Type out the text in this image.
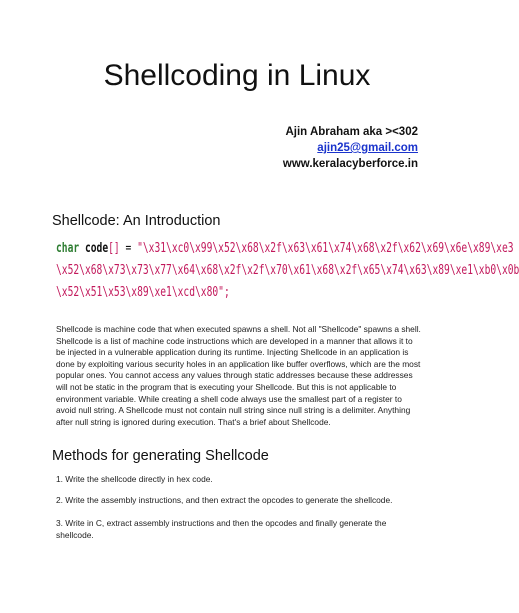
Shellcoding in Linux
Ajin Abraham aka ><302
ajin25@gmail.com
www.keralacyberforce.in
Shellcode: An Introduction
char code[] = "\x31\xc0\x99\x52\x68\x2f\x63\x61\x74\x68\x2f\x62\x69\x6e\x89\xe3
\x52\x68\x73\x73\x77\x64\x68\x2f\x2f\x70\x61\x68\x2f\x65\x74\x63\x89\xe1\xb0\x0b
\x52\x51\x53\x89\xe1\xcd\x80";
Shellcode is machine code that when executed spawns a shell. Not all "Shellcode" spawns a shell. Shellcode is a list of machine code instructions which are developed in a manner that allows it to be injected in a vulnerable application during its runtime. Injecting Shellcode in an application is done by exploiting various security holes in an application like buffer overflows, which are the most popular ones. You cannot access any values through static addresses because these addresses will not be static in the program that is executing your Shellcode. But this is not applicable to environment variable. While creating a shell code always use the smallest part of a register to avoid null string. A Shellcode must not contain null string since null string is a delimiter. Anything after null string is ignored during execution. That's a brief about Shellcode.
Methods for generating Shellcode
1. Write the shellcode directly in hex code.
2. Write the assembly instructions, and then extract the opcodes to generate the shellcode.
3. Write in C, extract assembly instructions and then the opcodes and finally generate the shellcode.
